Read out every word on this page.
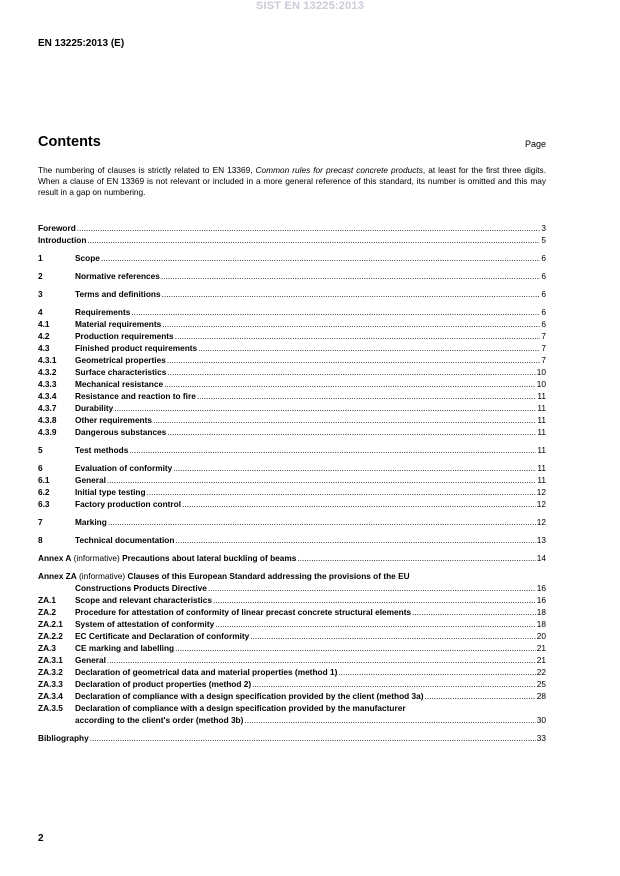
SIST EN 13225:2013
EN 13225:2013 (E)
Contents	Page
The numbering of clauses is strictly related to EN 13369, Common rules for precast concrete products, at least for the first three digits. When a clause of EN 13369 is not relevant or included in a more general reference of this standard, its number is omitted and this may result in a gap on numbering.
Foreword .....	3
Introduction .....	5
1	Scope .....	6
2	Normative references .....	6
3	Terms and definitions .....	6
4	Requirements .....	6
4.1	Material requirements .....	6
4.2	Production requirements .....	7
4.3	Finished product requirements .....	7
4.3.1	Geometrical properties .....	7
4.3.2	Surface characteristics .....	10
4.3.3	Mechanical resistance .....	10
4.3.4	Resistance and reaction to fire .....	11
4.3.7	Durability .....	11
4.3.8	Other requirements .....	11
4.3.9	Dangerous substances .....	11
5	Test methods .....	11
6	Evaluation of conformity .....	11
6.1	General .....	11
6.2	Initial type testing .....	12
6.3	Factory production control .....	12
7	Marking .....	12
8	Technical documentation .....	13
Annex A (informative) Precautions about lateral buckling of beams .....	14
Annex ZA (informative) Clauses of this European Standard addressing the provisions of the EU
Constructions Products Directive .....	16
ZA.1	Scope and relevant characteristics .....	16
ZA.2	Procedure for attestation of conformity of linear precast concrete structural elements .....	18
ZA.2.1	System of attestation of conformity .....	18
ZA.2.2	EC Certificate and Declaration of conformity .....	20
ZA.3	CE marking and labelling .....	21
ZA.3.1	General .....	21
ZA.3.2	Declaration of geometrical data and material properties (method 1) .....	22
ZA.3.3	Declaration of product properties (method 2) .....	25
ZA.3.4	Declaration of compliance with a design specification provided by the client (method 3a) .....	28
ZA.3.5	Declaration of compliance with a design specification provided by the manufacturer
according to the client's order (method 3b) .....	30
Bibliography .....	33
2
